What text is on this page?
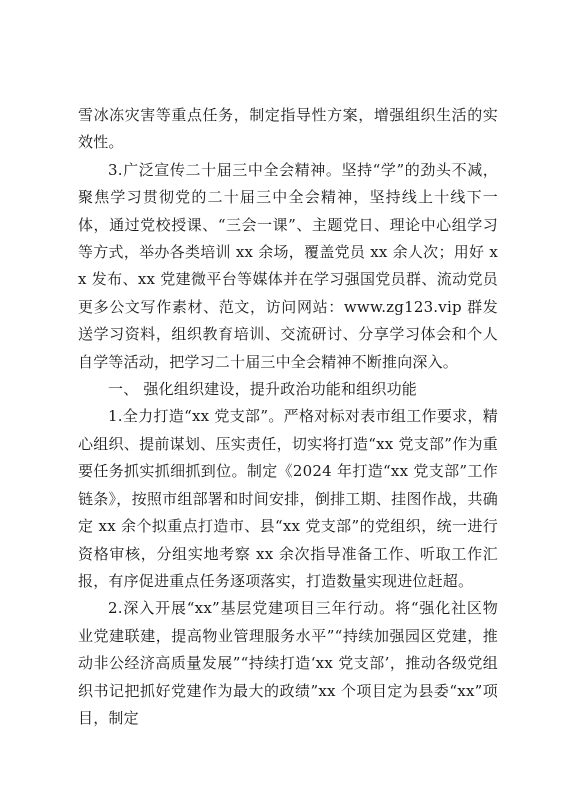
雪冰冻灾害等重点任务，制定指导性方案，增强组织生活的实效性。

3.广泛宣传二十届三中全会精神。坚持“学”的劲头不减，聚焦学习贯彻党的二十届三中全会精神，坚持线上十线下一体，通过党校授课、“三会一课”、主题党日、理论中心组学习等方式，举办各类培训 xx 余场，覆盖党员 xx 余人次；用好 xx 发布、xx 党建微平台等媒体并在学习强国党员群、流动党员更多公文写作素材、范文，访问网站：www.zg123.vip 群发送学习资料，组织教育培训、交流研讨、分享学习体会和个人自学等活动，把学习二十届三中全会精神不断推向深入。

一、 强化组织建设，提升政治功能和组织功能

1.全力打造“xx 党支部”。严格对标对表市组工作要求，精心组织、提前谋划、压实责任，切实将打造“xx 党支部”作为重要任务抓实抓细抓到位。制定《2024 年打造“xx 党支部”工作链条》，按照市组部署和时间安排，倒排工期、挂图作战，共确定 xx 余个拟重点打造市、县“xx 党支部”的党组织，统一进行资格审核，分组实地考察 xx 余次指导准备工作、听取工作汇报，有序促进重点任务逐项落实，打造数量实现进位赶超。

2.深入开展“xx”基层党建项目三年行动。将“强化社区物业党建联建，提高物业管理服务水平”“持续加强园区党建，推动非公经济高质量发展”“持续打造‘xx 党支部’，推动各级党组织书记把抓好党建作为最大的政绩”xx 个项目定为县委“xx”项目，制定
